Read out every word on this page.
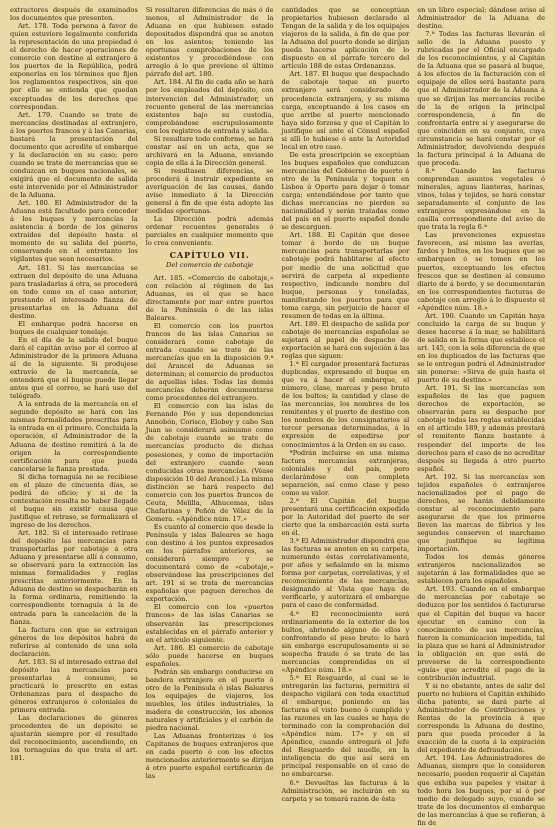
extractores después de examinados los documentos que presenten.

Art. 178. Toda persona á favor de quien estuviere legalmente conferida la representación de una propiedad ó el derecho de hacer operaciones de comercio con destino al extranjero á los puertos de la República, podrá exponerlas en los términos que fijen los reglamentos respectivos, sin que por ello se entienda que quedan exceptuados de los derechos que correspondan.

Art. 179. Cuando se trate de mercancías destinadas al extranjero, á los puertos francos y á las Canarias, bastará la presentación del documento que acredite el embarque y la declaración en su caso; pero cuando se trate de mercancías que se conduzcan en buques nacionales, se exigirá que el documento de salida esté intervenido por el Administrador de la Aduana.

Art. 180. El Administrador de la Aduana está facultado para conceder á los buques y mercancías la asistencia á bordo de los géneros extraídos del depósito hasta el momento de su salida del puerto, conservando en el entretanto los vigilantes que sean necesarios.

Art. 181. Si las mercancías se extraen del depósito de una Aduana para trasladarlas á otra, se procederá en todo como en el caso anterior, prestando el interesado fianza de presentarlas en la Aduana del destino.

El embarque podrá hacerse en buques de cualquier tonelaje.

En el día de la salida del buque dará el capitán aviso por el correo al Administrador de la primera Aduana al de la siguiente. Si produjese extravío de la mercancía, se entenderá que el buque puede llegar antes que el correo, se hará uso del telégrafo.

A la entrada de la mercancía en el segundo depósito se hará con las mismas formalidades prescritas para la entrada en el primero. Concluida la operación, el Administrador de la Aduana de destino remitirá á la de origen la correspondiente certificación para que pueda cancelarse la fianza prestada.

Si dicha tornaguía no se recibiese en el plazo de cincuenta días, se pedirá de oficio; y si de la contestación resulta no haber llegado el buque sin existir causa que justifique el retraso, se formalizará el ingreso de los derechos.

Art. 182. Si el interesado retirase del depósito las mercancías para transportarlas por cabotaje á otra Aduana y presentarse allí á consumo, se observará para la extracción las mismas formalidades y reglas prescritas anteriormente. En la Aduana de destino se despacharán en la forma ordinaria, remitiendo la correspondiente tornaguía á la de entrada para la cancelación de la fianza.

La factura con que se extraigan géneros de los depósitos habrá de referirse al contenido de una sola declaración.

Art. 183. Si el interesado extrae del depósito las mercancías para presentarlas á consumo, se practicará lo prescrito en estas Ordenanzas para el despacho de géneros extranjeros ó coloniales de primera entrada.

Las declaraciones de géneros procedentes de un depósito se ajustarán siempre por el resultado del reconocimiento, ascendiendo, en los tornaguías de que trata el art. 181.

Si resultaren diferencias de más ó de menos, el Administrador de la Aduana en que hubiesen estado depositados dispondrá que se anoten en los asientos; teniendo las oportunas comprobaciones de los existentes y procediéndose con arreglo á lo que previene el último párrafo del art. 180.

Art. 184. Al fin de cada año se hará por los empleados del depósito, con intervención del Administrador, un recuento general de las mercancías existentes bajo su custodia, comprobándose escrupulosamente con los registros de entrada y salida.

Si resultare todo conforme, se hará constar así en un acta, que se archivará en la Aduana, enviando copia de ella á la Dirección general.

Si resultasen diferencias, se procederá á instruir expediente en averiguación de las causas, dando aviso inmediato á la Dirección general á fin de que ésta adopte las medidas oportunas.

La Dirección podrá además ordenar recuentos generales ó parciales en cualquier momento que lo crea conveniente.

CAPÍTULO VII.
Del comercio de cabotaje

Art. 185. «Comercio de cabotaje,» con relación al régimen de las Aduanas, es el que se hace directamente por mar entre puertos de la Península ó de las islas Baleares.

El comercio con los puertos francos de las islas Canarias se considerará como cabotaje de entrada cuando se trate de las mercancías que en la disposición 9.ª del Arancel de Aduanas se determinan; el comercio de productos de aquellas islas. Todas las demás mercancías deberán documentarse como procedentes del extranjero.

El comercio con las islas de Fernando Póo y sus dependencias Annobón, Corisco, Elobey y cabo San Juan se considerará asimismo como de cabotaje cuando se trate de mercancías producto de dichas posesiones, y como de importación del extranjero cuando sean conducidas otras mercancías. (Véase disposición 10 del Arancel.) La misma distinción se hará respecto del comercio con los puertos francos de Ceuta, Melilla, Alhucemas, islas Chafarinas y Peñón de Vélez de la Gomera. «Apéndice núm. 17.»

Es cuanto al comercio que desde la Península y islas Baleares se haga con destino á los puntos expresados en los párrafos anteriores, se considerará siempre y se documentará como de «cabotaje,» observándose las prescripciones del art. 191 si se trata de mercancías españolas que paguen derechos de exportación.

El comercio con los «puertos francos» de las islas Canarias se observarán las prescripciones establecidas en el párrafo anterior y en el artículo siguiente.

Art. 186. El comercio de cabotaje sólo puede hacerse en buques españoles.

Podrán sin embargo conducirse en bandera extranjera en el puerto ó otro de la Península ó islas Baleares los equipajes de viajeros, los muebles, los útiles industriales, la madera de construcción, los abonos naturales y artificiales y el carbón de piedra nacional.

Las Aduanas fronterizas ó los Capitanes de buques extranjeros que en cada puerto ó con los efectos mencionados anteriormente se dirijan á otro puerto español certificarán de las

cantidades que se conceptúan propietarios hubiesen declarado al Tengan de la salida y de los equipajes viajeros de la salida, á fin de que por la Aduana del puerto donde se dirijan pueda hacerse aplicación de lo dispuesto en el párrafo tercero del artículo 188 de estas Ordenanzas.

Art. 187. El buque que despachado de cabotaje toque en puerto extranjero será considerado de procedencia extranjera, y su misma carga, exceptuando á los casos en que arribe al puerto mencionado haya sido forzosa y que el Capitán lo justifique así ante el Cónsul español si allí lo hubiese ó ante la Autoridad local en otro caso.

De esta prescripción se exceptúan los buques españoles que conduzcan mercancías del Gobierno de puerto á otro de la Península y toquen en Lisboa ú Oporto para dejar ó tomar carga; entendiéndose por tanto que dichas mercancías no pierden su nacionalidad y serán tratadas como del país en el puerto español donde se descarguen.

Art. 188. El Capitán que desee tomar á bordo de un buque mercancías para transportarlas por cabotaje podrá hablitarse al efecto por medio de una solicitud que servirá de carpeta al expediente respectivo, indicando nombre del buque, personas y toneladas, manifestando los puertos para que toma carga, sin perjuicio de hacer el resumen de todas en la última.

Art. 189. El despacho de salida por cabotaje de mercancías españolas se sujetará al papel de despacho de exportación se hará con sujeción á las reglas que siguen:

1.ª El cargador presentará facturas duplicadas, expresando el buque en que va á hacer el embarque, el número, clase, marcas y peso bruto de los bultos; la cantidad y clase de las mercancías, los nombres de los remitentes y el puerto de destino con los nombres de los consignatarios al tercer personas determinadas, á la expresión de expedirse por conocimientos á la Orden en su caso.

*Podrán incluirse en una misma factura mercancías extranjeras, coloniales y del país, pero declarándose con completa separación, así como clase y peso como su valor.

2.ª El Capitán del buque presentará una certificación expedida por la Autoridad del puerto de ser cierto que la embarcación está surta en él.

3.ª El Administrador dispondrá que las facturas se anoten en su carpeta, numerando éstas correlativamente, por años y señalando en la misma forma por carpetas, correlativas, y el reconocimiento de las mercancías, designando al Vista que haya de verificarlo, y autorizará el embarque para el caso de conformidad.

4.ª El reconocimiento será ordinariamente de la exterior de los bultos, abriendo alguno de ellos y confrontando el peso bruto: lo hará sin embargo escrupulosamente si se sospecha fraude ó se trate de las mercancías comprendidas en el «Apéndice núm. 18.»

5.ª El Resguardo, al cual se le entregarán las facturas, permitirá el despacho vigilará con toda exactitud el embarque, poniendo en las facturas el visto bueno ó cumplido y las razones en las cuales se haya de terminado con la comprobación del «Apéndice núm. 17» y en el Apéndice, cuando entregará el Jefe del Resguardo del muelle, en la inteligencia de que así será en principal responsable en el caso de no embarcarse.

6.ª Devueltas las facturas á la Administración, se incluirán en su carpeta y se tomará razón de ésta

en un libro especial; dándose aviso al Administrador de la Aduana de destino.

7.ª Todas las facturas llevarán el sello de la Aduana puesto y rubricadas por el Oficial encargado de los reconocimientos, y al Capitán de la Aduana que se pasará al buque, á los efectos de la facturación con el equipaje de ellos será bastante para que el Administrador de la Aduana á que se dirijan las mercancías recibe de la de origen la principal correspondencia, á fin de confrontarla entre sí y asegurarse de que coinciden en su conjunto, cuya circunstancia se hará constar por el Administrador, devolviendo después la factura principal á la Aduana de que proceda.

8.ª Cuando las facturas comprendan asuntos vegetales ó minerales, aguas lianteras, harinas, vinos, telas y tejidos, se hará constar separadamente el conjunto de los extranjeros expresándose en la casilla correspondiente del aviso de que trata la regla 6.ª

Las prevenciones expuestas favorecen, así mismo las averías, fardos y bultos, en los buques que se embarquen ó se tomen en los puertos, exceptuando los efectos frescos que se destinen al consumo diario de á bordo, y se documentarán en los correspondientes facturas de cabotaje con arreglo á lo dispuesto el «Apéndice núm. 18.»

Art. 190. Cuando un Capitán haya concluido la carga de su buque y desee hacerse á la mar, se habilitará de salida en la forma que establece el art. 145, con la sola diferencia de que en los duplicados de las facturas que se le entregan podrá el Administrador sin ponerse: «Sirva de guía hasta el puerto de su destino.»

Art. 191. Si las mercancías son españolas de las que paguen derechos de exportación, se observarán para su despacho por cabotaje todas las reglas establecidas en el artículo 189, y además prestará el remitente fianza bastante á responder del importe de los derechos para el caso de no acreditar después su llegada á otro puerto español.

Art. 192. Si las mercancías son tejidos españoles ó extranjeros nacionalizados por el pago de derechos, se harán debidamente constar al reconocimiento para asegurarse de que los primeros lleven las marcas de fábrica y los segundos conserven el marchamo que justifique su legítima importación.

Todos los demás géneros extranjeros nacionalizados se sujetarán á las formalidades que se establecen para los españoles.

Art. 193. Cuando en el embarque de mercancías por cabotaje se deduzca por los sentidos ó facturarse que el Capitán del buque va hacer ejecutar en camino con la conocimiento de sus mercancías, fueron la comunicación impedida, tal la plaza que se hará al Administrador la obligación en que está de proveerse de la correspondiente «guía» que acredite el pago de la contribución industrial.

Y si no obstante, antes de salir del puerto no hubiera el Capitán exhibido dicha patente, se dará parte al Administrador de Contribuciones y Rentas de la provincia á que corresponda la Aduana de destino, para que pueda proceder á la exacción de la cuota á la expiración del expediente de defraudación.

Art. 194. Los Administradores de Aduanas, siempre que lo consideren necesario, pueden requerir al Capitán que exhiba sus papeles y visitar á todo hora los buques, por sí ó por medio de delegado suyo, cuando se trate de los documentos el embarque de las mercancías á que se refieran, á fin de
